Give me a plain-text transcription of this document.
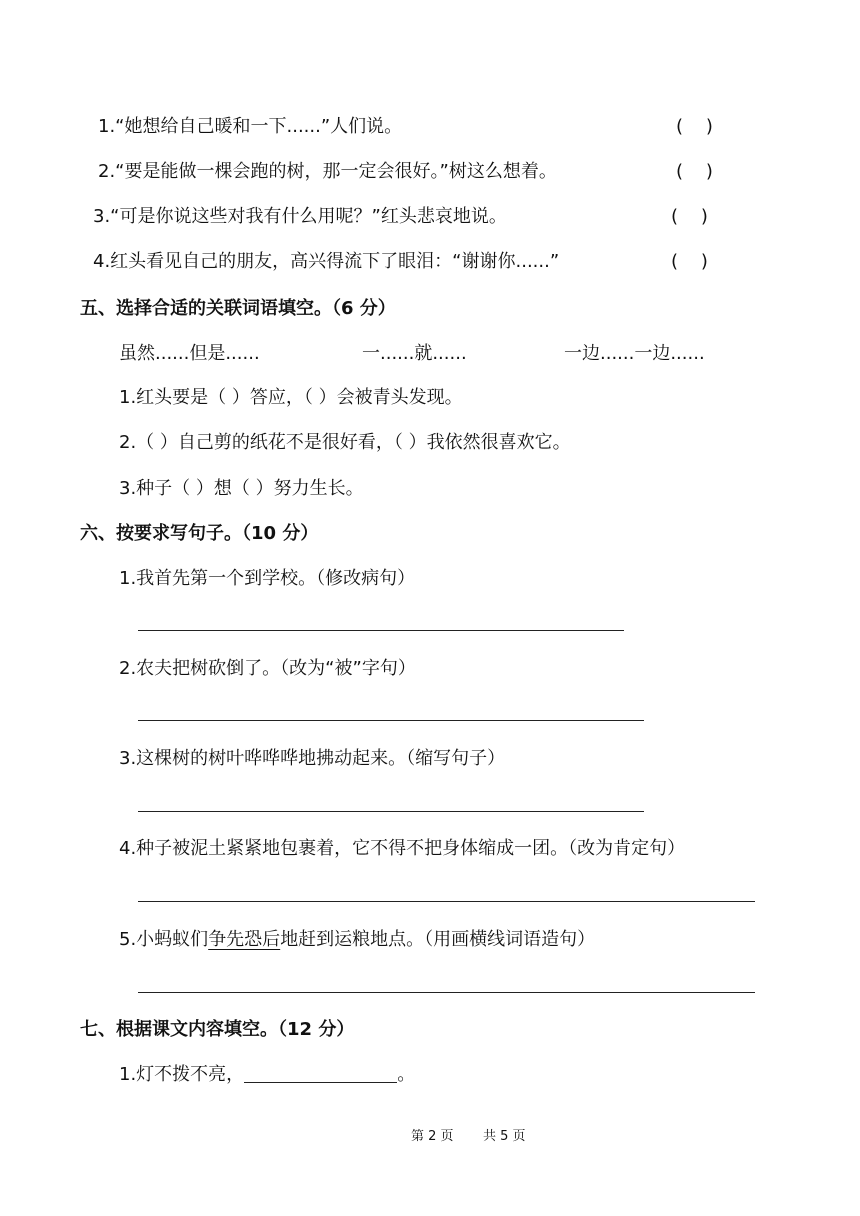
1.“她想给自己暖和一下......”人们说。	(    )
2.“要是能做一棵会跑的树，那一定会很好。”树这么想着。	(    )
3.“可是你说这些对我有什么用呢？”红头悲哀地说。	(    )
4.红头看见自己的朋友，高兴得流下了眼泪：“谢谢你......”	(    )
五、选择合适的关联词语填空。（6 分）
虽然......但是......	一......就......	一边......一边......
1.红头要是（ ）答应，（ ）会被青头发现。
2.（ ）自己剪的纸花不是很好看，（ ）我依然很喜欢它。
3.种子（ ）想（ ）努力生长。
六、按要求写句子。（10 分）
1.我首先第一个到学校。（修改病句）
2.农夫把树砍倒了。（改为“被”字句）
3.这棵树的树叶哗哗哗地拂动起来。（缩写句子）
4.种子被泥土紧紧地包裹着，它不得不把身体缩成一团。（改为肯定句）
5.小蚂蚁们争先恐后地赶到运粮地点。（用画横线词语造句）
七、根据课文内容填空。（12 分）
1.灯不拨不亮，	。
第 2 页 共 5 页
